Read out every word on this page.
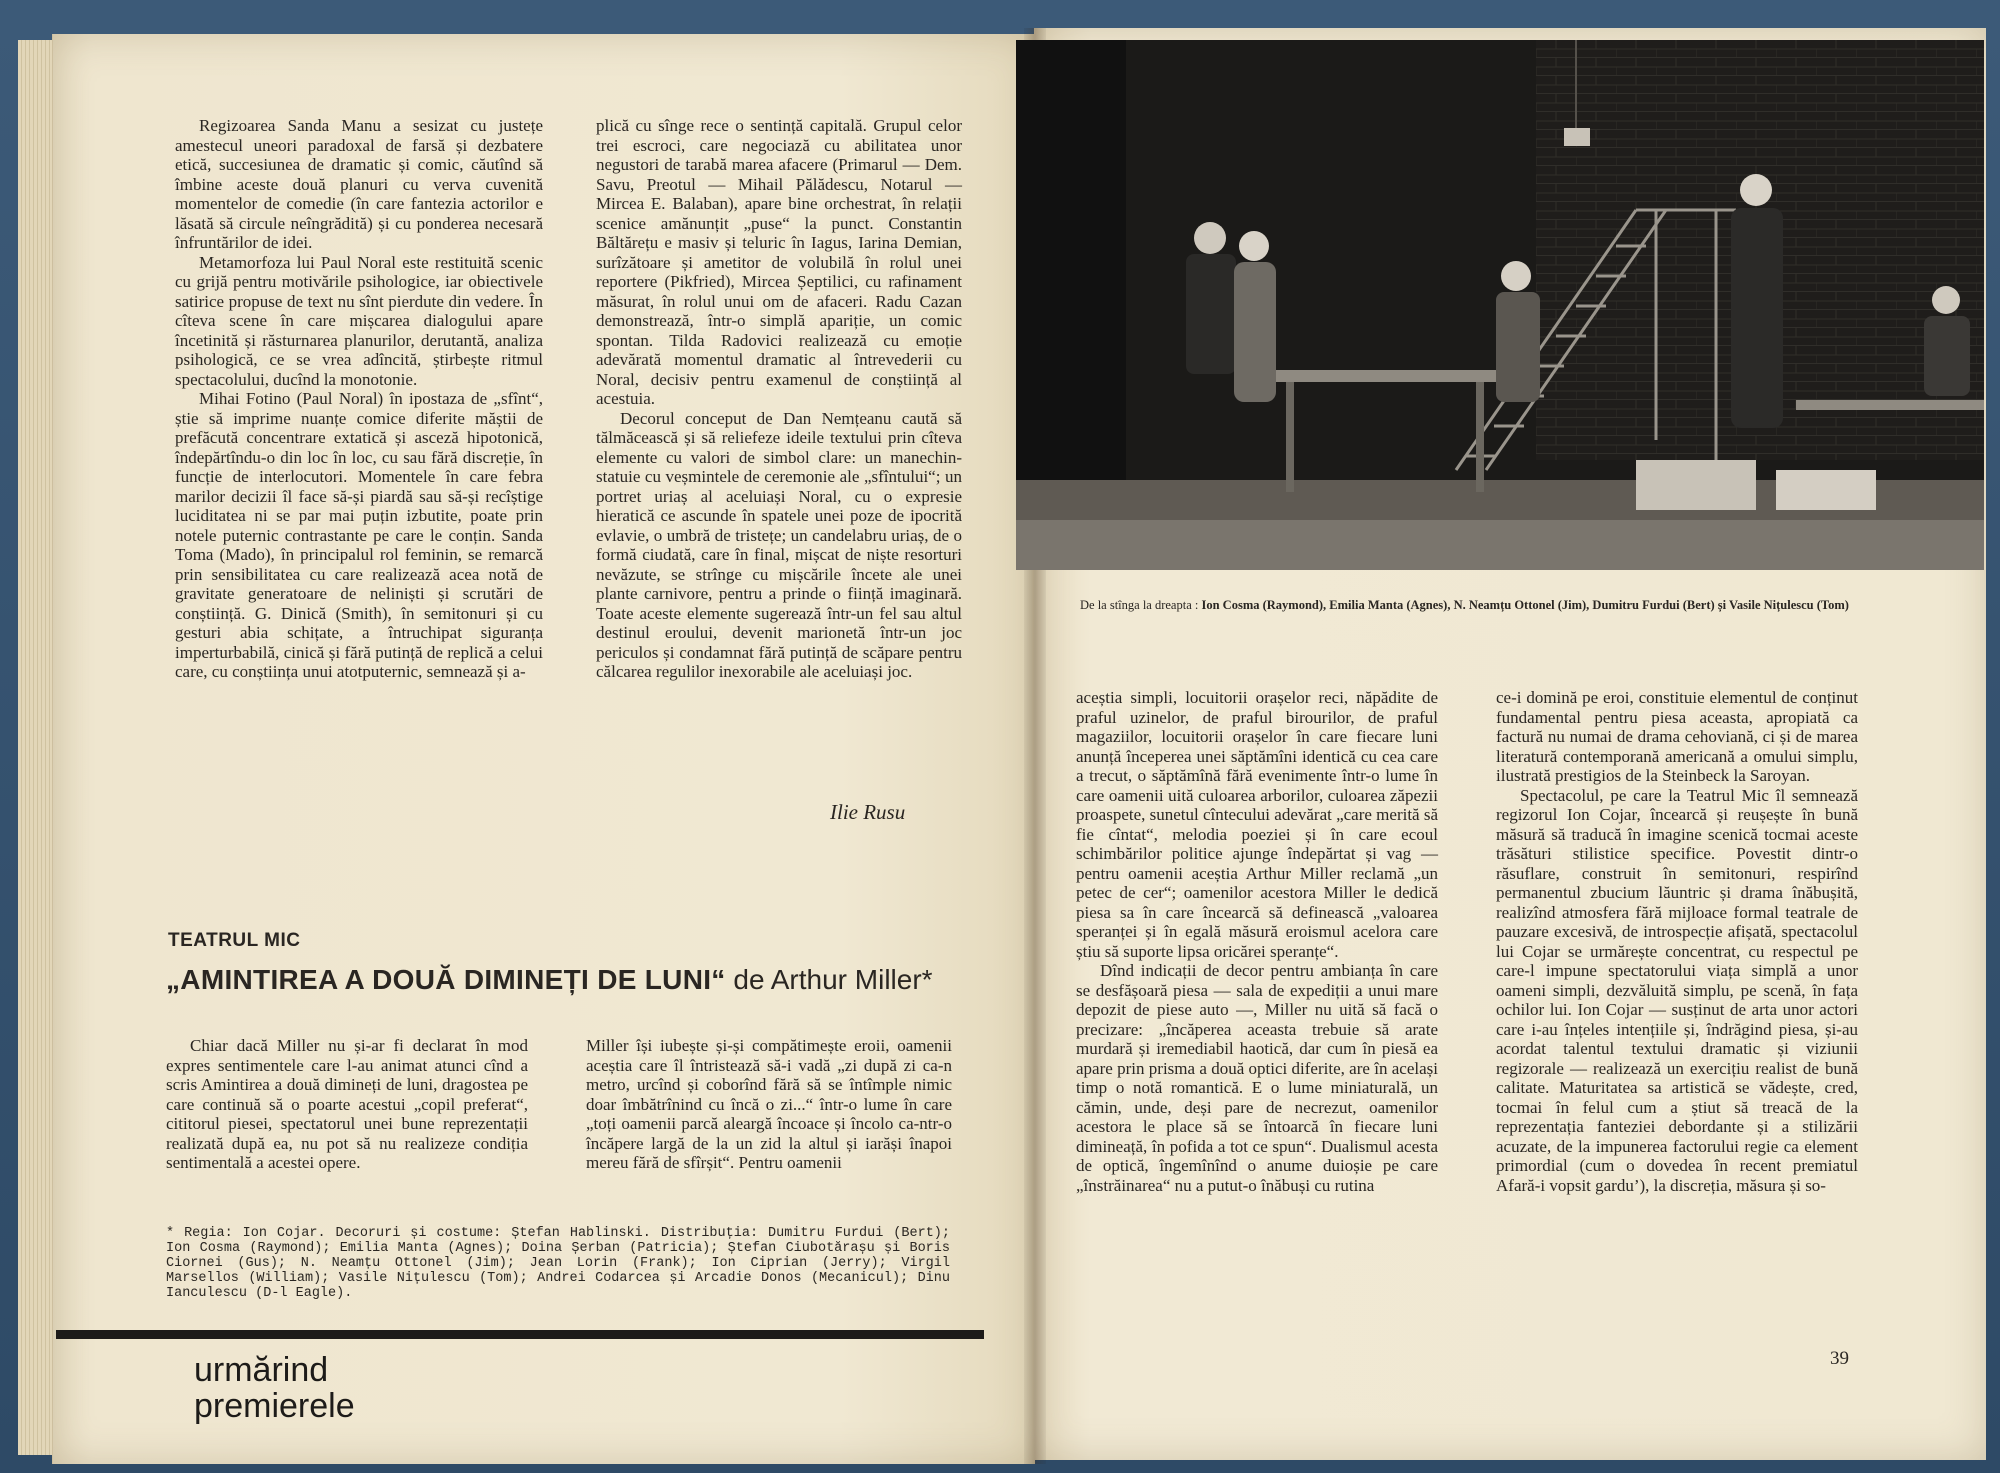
Regizoarea Sanda Manu a sesizat cu justețe amestecul uneori paradoxal de farsă și dezbatere etică, succesiunea de dramatic și comic, căutînd să îmbine aceste două planuri cu verva cuvenită momentelor de comedie (în care fantezia actorilor e lăsată să circule neîngrădită) și cu ponderea necesară înfruntărilor de idei.

Metamorfoza lui Paul Noral este restituită scenic cu grijă pentru motivările psihologice, iar obiectivele satirice propuse de text nu sînt pierdute din vedere. În cîteva scene în care mișcarea dialogului apare încetinită și răsturnarea planurilor, derutantă, analiza psihologică, ce se vrea adîncită, știrbește ritmul spectacolului, ducînd la monotonie.

Mihai Fotino (Paul Noral) în ipostaza de „sfînt“, știe să imprime nuanțe comice diferite măștii de prefăcută concentrare extatică și asceză hipotonică, îndepărtîndu-o din loc în loc, cu sau fără discreție, în funcție de interlocutori. Momentele în care febra marilor decizii îl face să-și piardă sau să-și recîștige luciditatea ni se par mai puțin izbutite, poate prin notele puternic contrastante pe care le conțin. Sanda Toma (Mado), în principalul rol feminin, se remarcă prin sensibilitatea cu care realizează acea notă de gravitate generatoare de neliniști și scrutări de conștiință. G. Dinică (Smith), în semitonuri și cu gesturi abia schițate, a întruchipat siguranța imperturbabilă, cinică și fără putință de replică a celui care, cu conștiința unui atotputernic, semnează și a-

plică cu sînge rece o sentință capitală. Grupul celor trei escroci, care negociază cu abilitatea unor negustori de tarabă marea afacere (Primarul — Dem. Savu, Preotul — Mihail Pălădescu, Notarul — Mircea E. Balaban), apare bine orchestrat, în relații scenice amănunțit „puse“ la punct. Constantin Băltărețu e masiv și teluric în Iagus, Iarina Demian, surîzătoare și ametitor de volubilă în rolul unei reportere (Pikfried), Mircea Șeptilici, cu rafinament măsurat, în rolul unui om de afaceri. Radu Cazan demonstrează, într-o simplă apariție, un comic spontan. Tilda Radovici realizează cu emoție adevărată momentul dramatic al întrevederii cu Noral, decisiv pentru examenul de conștiință al acestuia.

Decorul conceput de Dan Nemțeanu caută să tălmăcească și să reliefeze ideile textului prin cîteva elemente cu valori de simbol clare: un manechin-statuie cu veșmintele de ceremonie ale „sfîntului“; un portret uriaș al aceluiași Noral, cu o expresie hieratică ce ascunde în spatele unei poze de ipocrită evlavie, o umbră de tristețe; un candelabru uriaș, de o formă ciudată, care în final, mișcat de niște resorturi nevăzute, se strînge cu mișcările încete ale unei plante carnivore, pentru a prinde o ființă imaginară. Toate aceste elemente sugerează într-un fel sau altul destinul eroului, devenit marionetă într-un joc periculos și condamnat fără putință de scăpare pentru călcarea regulilor inexorabile ale aceluiași joc.

Ilie Rusu
TEATRUL MIC
„AMINTIREA A DOUĂ DIMINEȚI DE LUNI“ de Arthur Miller*

Chiar dacă Miller nu și-ar fi declarat în mod expres sentimentele care l-au animat atunci cînd a scris Amintirea a două dimineți de luni, dragostea pe care continuă să o poarte acestui „copil preferat“, cititorul piesei, spectatorul unei bune reprezentații realizată după ea, nu pot să nu realizeze condiția sentimentală a acestei opere.

Miller își iubește și-și compătimește eroii, oamenii aceștia care îl întristează să-i vadă „zi după zi ca-n metro, urcînd și coborînd fără să se întîmple nimic doar îmbătrînind cu încă o zi...“ într-o lume în care „toți oamenii parcă aleargă încoace și încolo ca-ntr-o încăpere largă de la un zid la altul și iarăși înapoi mereu fără de sfîrșit“. Pentru oamenii

* Regia: Ion Cojar. Decoruri și costume: Ștefan Hablinski. Distribuția: Dumitru Furdui (Bert); Ion Cosma (Raymond); Emilia Manta (Agnes); Doina Șerban (Patricia); Ștefan Ciubotărașu și Boris Ciornei (Gus); N. Neamțu Ottonel (Jim); Jean Lorin (Frank); Ion Ciprian (Jerry); Virgil Marsellos (William); Vasile Nițulescu (Tom); Andrei Codarcea și Arcadie Donos (Mecanicul); Dinu Ianculescu (D-l Eagle).
urmărind
premierele
De la stînga la dreapta : Ion Cosma (Raymond), Emilia Manta (Agnes), N. Neamțu Ottonel (Jim), Dumitru Furdui (Bert) și Vasile Nițulescu (Tom)

aceștia simpli, locuitorii orașelor reci, năpădite de praful uzinelor, de praful birourilor, de praful magaziilor, locuitorii orașelor în care fiecare luni anunță începerea unei săptămîni identică cu cea care a trecut, o săptămînă fără evenimente într-o lume în care oamenii uită culoarea arborilor, culoarea zăpezii proaspete, sunetul cîntecului adevărat „care merită să fie cîntat“, melodia poeziei și în care ecoul schimbărilor politice ajunge îndepărtat și vag — pentru oamenii aceștia Arthur Miller reclamă „un petec de cer“; oamenilor acestora Miller le dedică piesa sa în care încearcă să definească „valoarea speranței și în egală măsură eroismul acelora care știu să suporte lipsa oricărei speranțe“.

Dînd indicații de decor pentru ambianța în care se desfășoară piesa — sala de expediții a unui mare depozit de piese auto —, Miller nu uită să facă o precizare: „încăperea aceasta trebuie să arate murdară și iremediabil haotică, dar cum în piesă ea apare prin prisma a două optici diferite, are în același timp o notă romantică. E o lume miniaturală, un cămin, unde, deși pare de necrezut, oamenilor acestora le place să se întoarcă în fiecare luni dimineață, în pofida a tot ce spun“. Dualismul acesta de optică, îngemînînd o anume duioșie pe care „înstrăinarea“ nu a putut-o înăbuși cu rutina

ce-i domină pe eroi, constituie elementul de conținut fundamental pentru piesa aceasta, apropiată ca factură nu numai de drama cehoviană, ci și de marea literatură contemporană americană a omului simplu, ilustrată prestigios de la Steinbeck la Saroyan.

Spectacolul, pe care la Teatrul Mic îl semnează regizorul Ion Cojar, încearcă și reușește în bună măsură să traducă în imagine scenică tocmai aceste trăsături stilistice specifice. Povestit dintr-o răsuflare, construit în semitonuri, respirînd permanentul zbucium lăuntric și drama înăbușită, realizînd atmosfera fără mijloace formal teatrale de pauzare excesivă, de introspecție afișată, spectacolul lui Cojar se urmărește concentrat, cu respectul pe care-l impune spectatorului viața simplă a unor oameni simpli, dezvăluită simplu, pe scenă, în fața ochilor lui. Ion Cojar — susținut de arta unor actori care i-au înțeles intențiile și, îndrăgind piesa, și-au acordat talentul textului dramatic și viziunii regizorale — realizează un exercițiu realist de bună calitate. Maturitatea sa artistică se vădește, cred, tocmai în felul cum a știut să treacă de la reprezentația fanteziei debordante și a stilizării acuzate, de la impunerea factorului regie ca element primordial (cum o dovedea în recent premiatul Afară-i vopsit gardu’), la discreția, măsura și so-

39
